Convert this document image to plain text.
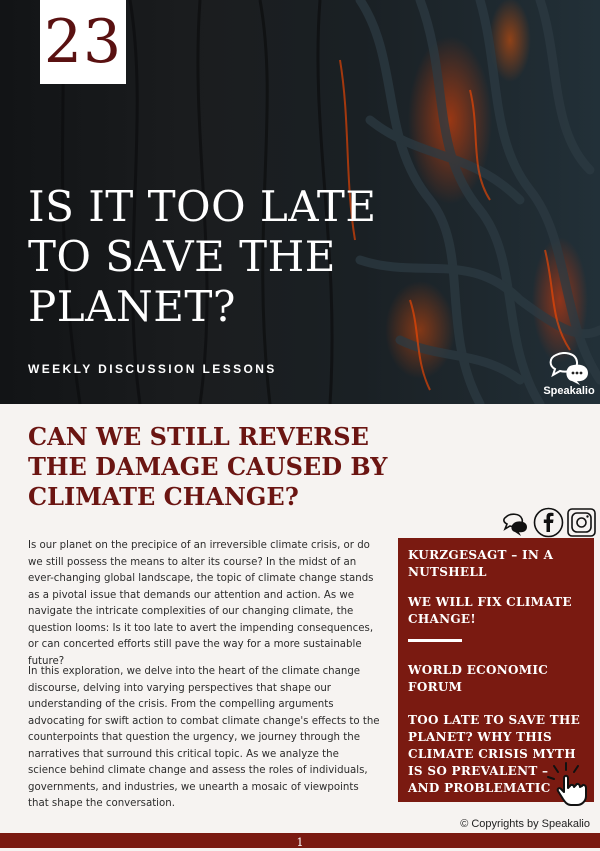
23
IS IT TOO LATE TO SAVE THE PLANET?
WEEKLY DISCUSSION LESSONS
Speakalio
CAN WE STILL REVERSE THE DAMAGE CAUSED BY CLIMATE CHANGE?

Is our planet on the precipice of an irreversible climate crisis, or do we still possess the means to alter its course? In the midst of an ever-changing global landscape, the topic of climate change stands as a pivotal issue that demands our attention and action. As we navigate the intricate complexities of our changing climate, the question looms: Is it too late to avert the impending consequences, or can concerted efforts still pave the way for a more sustainable future?

In this exploration, we delve into the heart of the climate change discourse, delving into varying perspectives that shape our understanding of the crisis. From the compelling arguments advocating for swift action to combat climate change's effects to the counterpoints that question the urgency, we journey through the narratives that surround this critical topic. As we analyze the science behind climate change and assess the roles of individuals, governments, and industries, we unearth a mosaic of viewpoints that shape the conversation.

KURZGESAGT – IN A NUTSHELL

WE WILL FIX CLIMATE CHANGE!

WORLD ECONOMIC FORUM

TOO LATE TO SAVE THE PLANET? WHY THIS CLIMATE CRISIS MYTH IS SO PREVALENT – AND PROBLEMATIC

© Copyrights by Speakalio
1
